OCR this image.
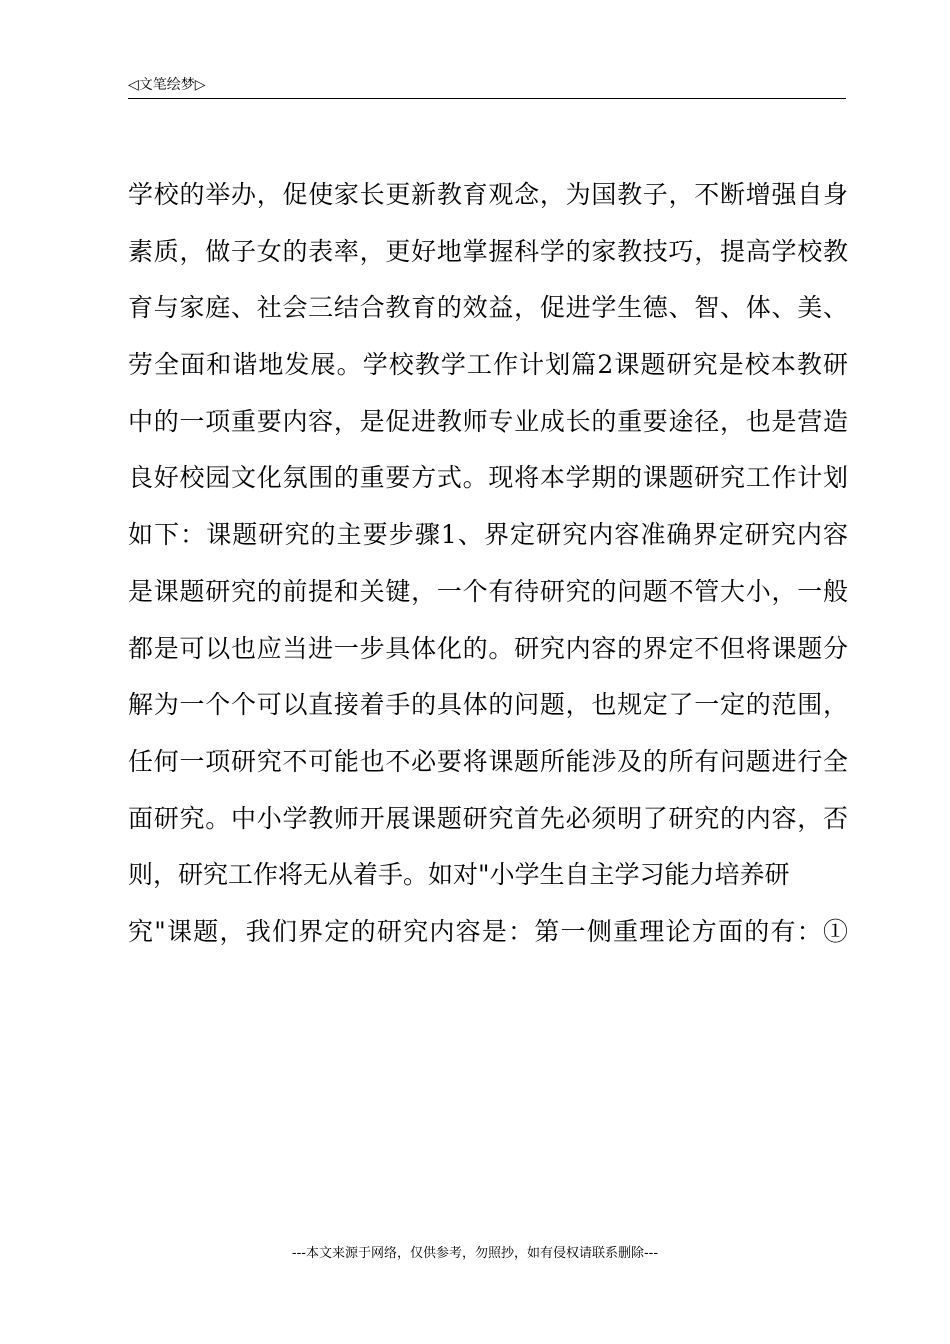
◁文笔绘梦▷
学校的举办，促使家长更新教育观念，为国教子，不断增强自身
素质，做子女的表率，更好地掌握科学的家教技巧，提高学校教
育与家庭、社会三结合教育的效益，促进学生德、智、体、美、
劳全面和谐地发展。学校教学工作计划篇2课题研究是校本教研
中的一项重要内容，是促进教师专业成长的重要途径，也是营造
良好校园文化氛围的重要方式。现将本学期的课题研究工作计划
如下：课题研究的主要步骤1、界定研究内容准确界定研究内容
是课题研究的前提和关键，一个有待研究的问题不管大小，一般
都是可以也应当进一步具体化的。研究内容的界定不但将课题分
解为一个个可以直接着手的具体的问题，也规定了一定的范围，
任何一项研究不可能也不必要将课题所能涉及的所有问题进行全
面研究。中小学教师开展课题研究首先必须明了研究的内容，否
则，研究工作将无从着手。如对"小学生自主学习能力培养研
究"课题，我们界定的研究内容是：第一侧重理论方面的有：①
---本文来源于网络，仅供参考，勿照抄，如有侵权请联系删除---
